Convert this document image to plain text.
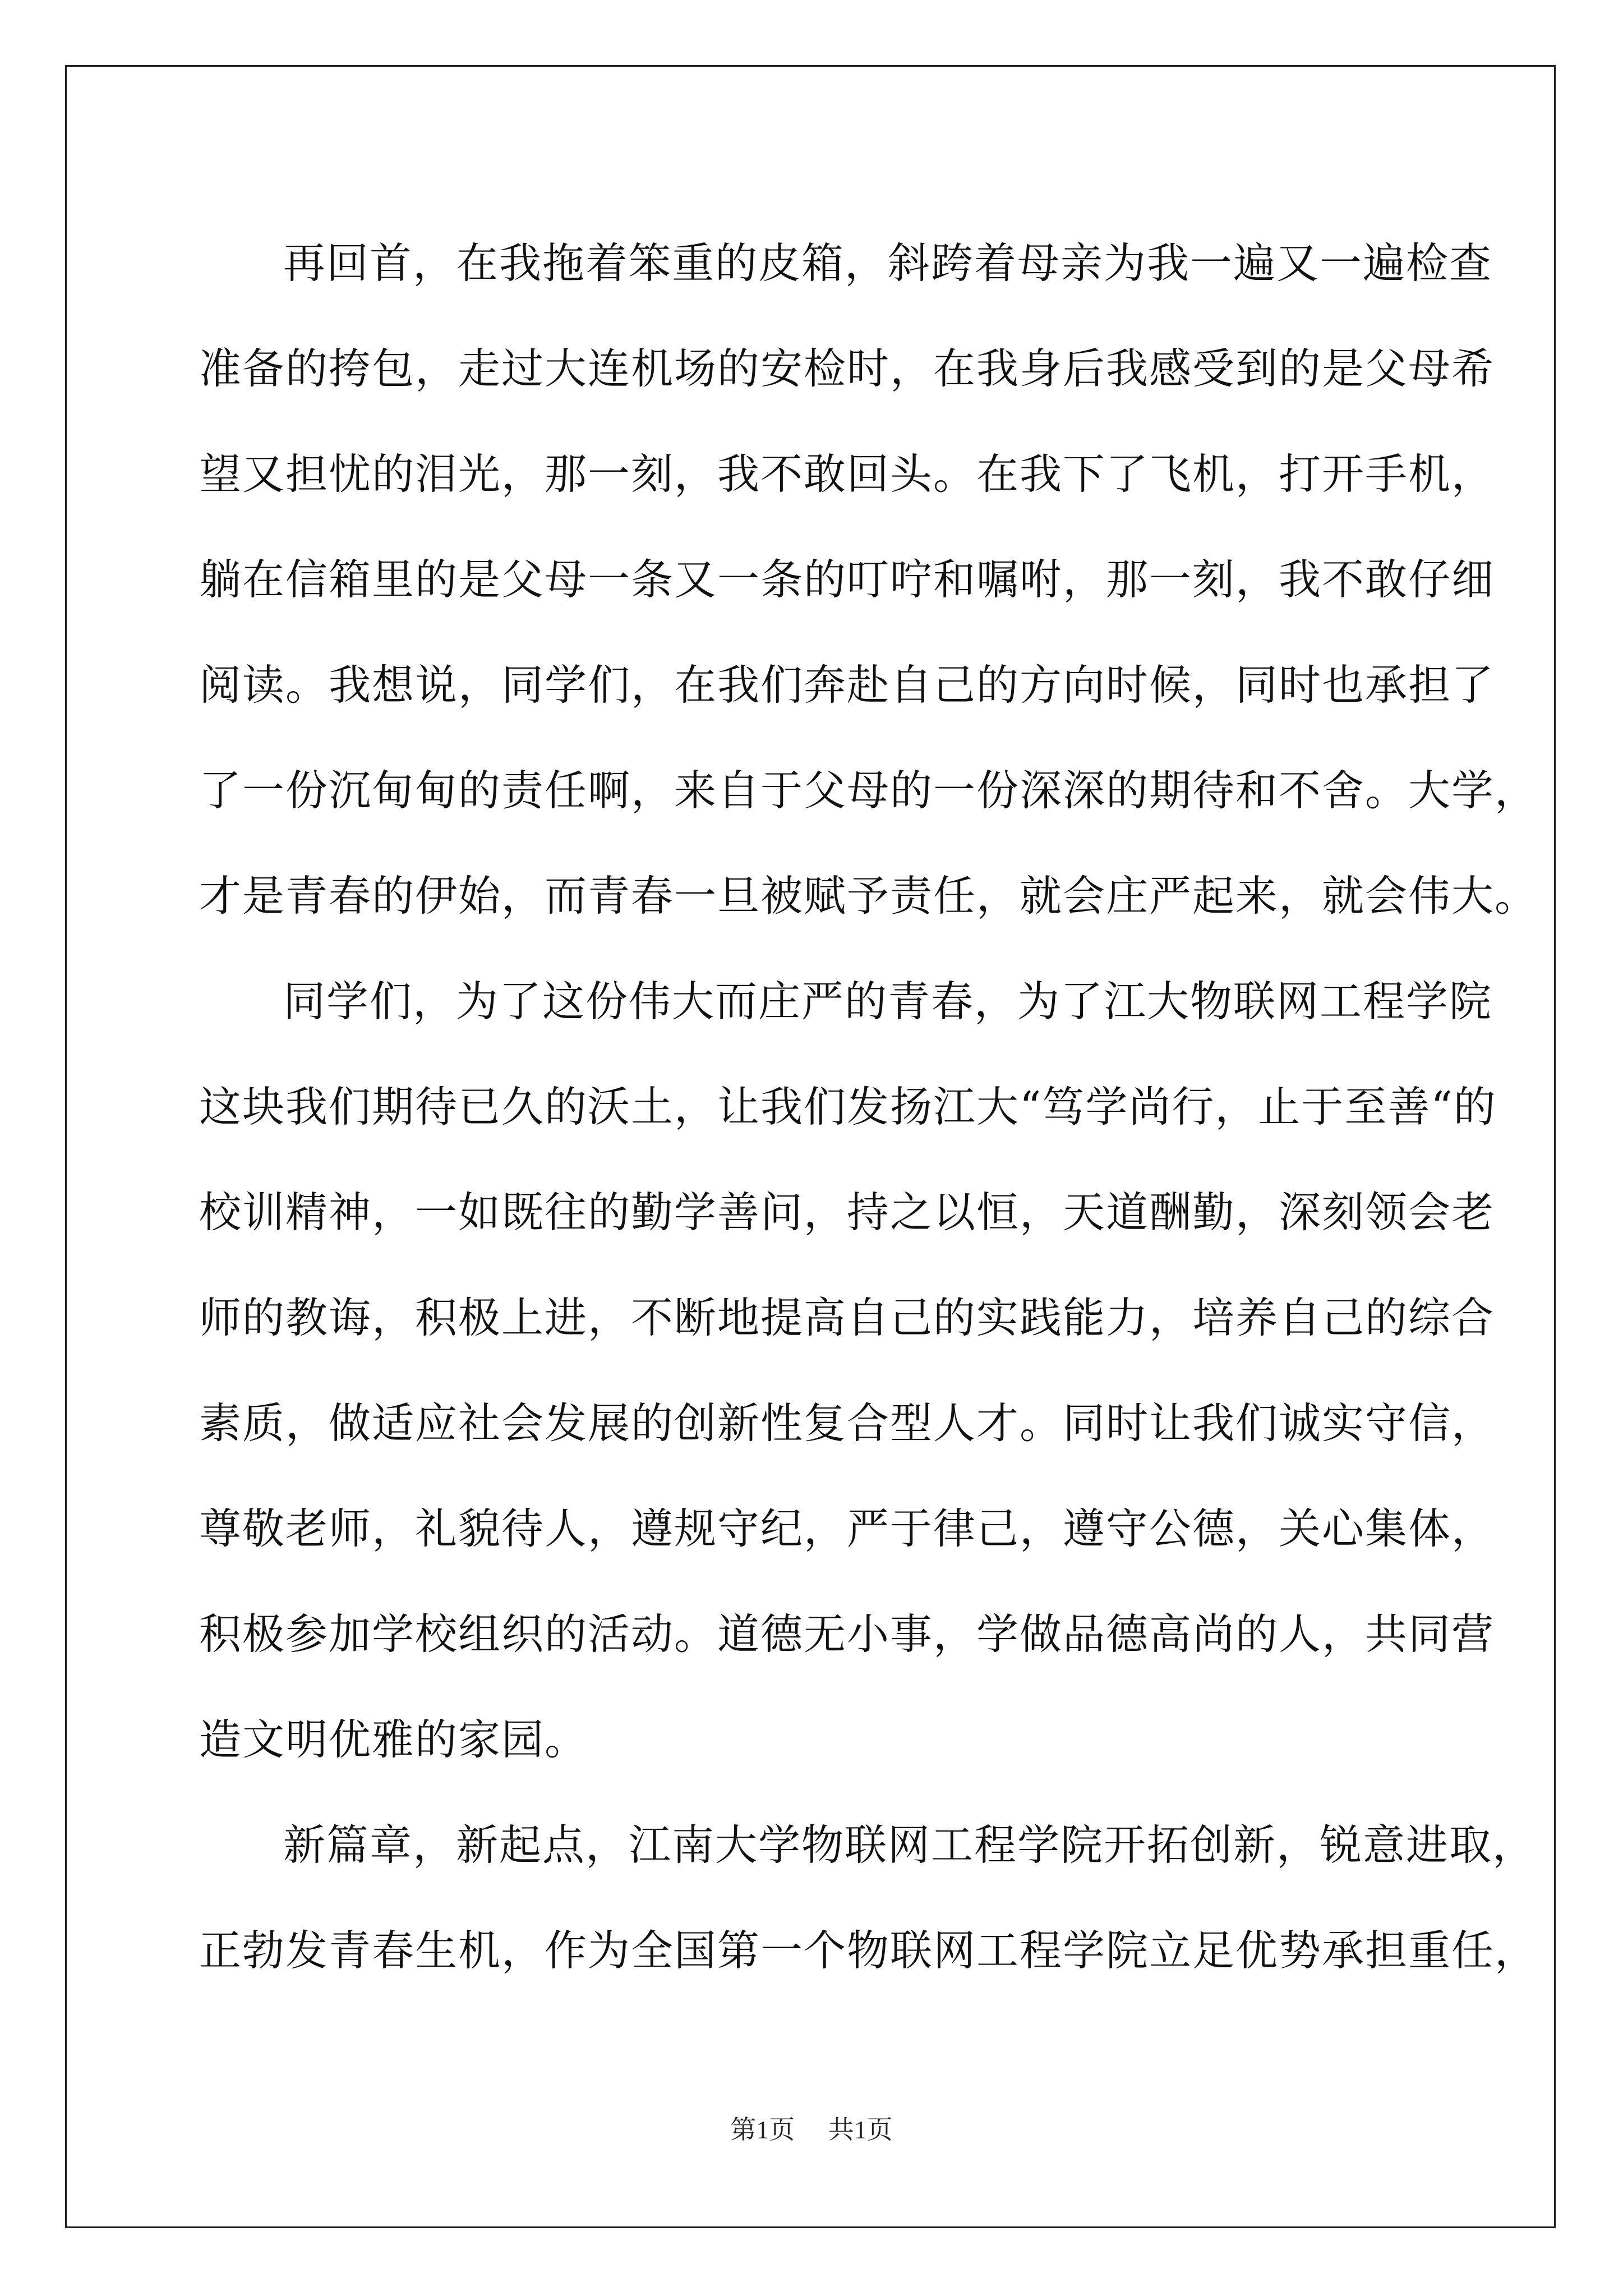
再回首，在我拖着笨重的皮箱，斜跨着母亲为我一遍又一遍检查
准备的挎包，走过大连机场的安检时，在我身后我感受到的是父母希
望又担忧的泪光，那一刻，我不敢回头。在我下了飞机，打开手机，
躺在信箱里的是父母一条又一条的叮咛和嘱咐，那一刻，我不敢仔细
阅读。我想说，同学们，在我们奔赴自己的方向时候，同时也承担了
了一份沉甸甸的责任啊，来自于父母的一份深深的期待和不舍。大学，
才是青春的伊始，而青春一旦被赋予责任，就会庄严起来，就会伟大。
同学们，为了这份伟大而庄严的青春，为了江大物联网工程学院
这块我们期待已久的沃土，让我们发扬江大“笃学尚行，止于至善“的
校训精神，一如既往的勤学善问，持之以恒，天道酬勤，深刻领会老
师的教诲，积极上进，不断地提高自己的实践能力，培养自己的综合
素质，做适应社会发展的创新性复合型人才。同时让我们诚实守信，
尊敬老师，礼貌待人，遵规守纪，严于律己，遵守公德，关心集体，
积极参加学校组织的活动。道德无小事，学做品德高尚的人，共同营
造文明优雅的家园。
新篇章，新起点，江南大学物联网工程学院开拓创新，锐意进取，
正勃发青春生机，作为全国第一个物联网工程学院立足优势承担重任，
第1页 共1页
